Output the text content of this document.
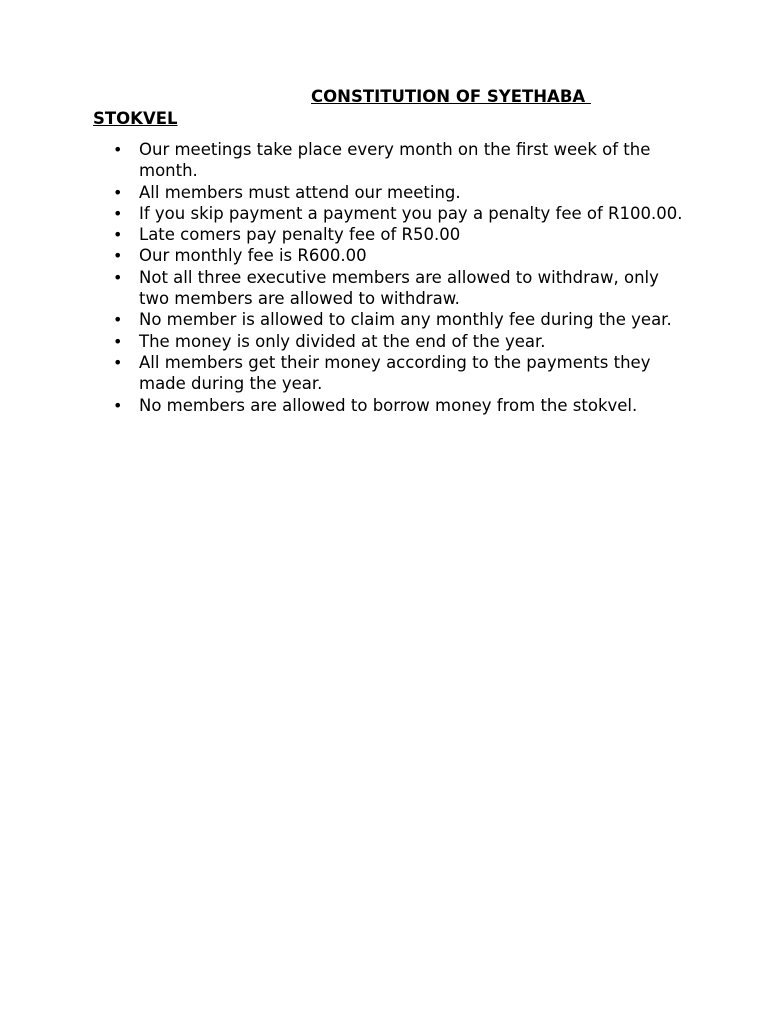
CONSTITUTION OF SYETHABA
STOKVEL
• Our meetings take place every month on the first week of the month.
• All members must attend our meeting.
• If you skip payment a payment you pay a penalty fee of R100.00.
• Late comers pay penalty fee of R50.00
• Our monthly fee is R600.00
• Not all three executive members are allowed to withdraw, only two members are allowed to withdraw.
• No member is allowed to claim any monthly fee during the year.
• The money is only divided at the end of the year.
• All members get their money according to the payments they made during the year.
• No members are allowed to borrow money from the stokvel.
